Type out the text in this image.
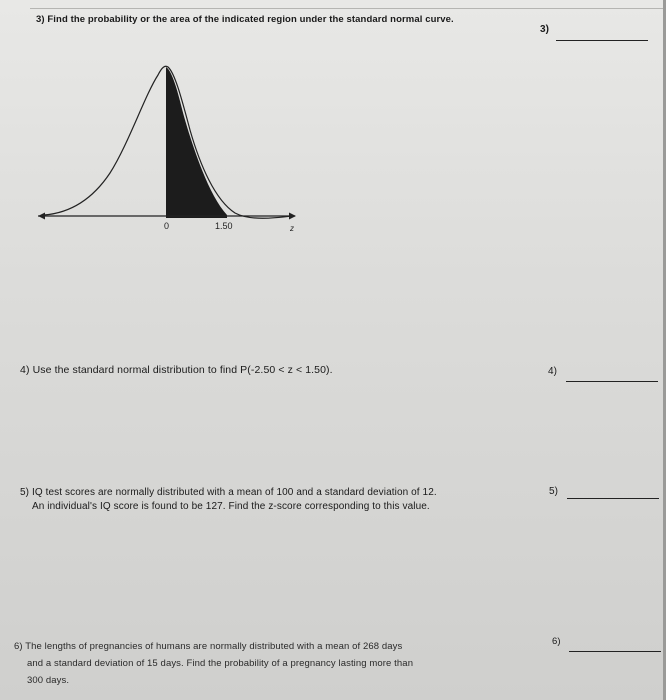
3) Find the probability or the area of the indicated region under the standard normal curve.
3)
0	1.50	z
4) Use the standard normal distribution to find P(-2.50 < z < 1.50).	4)
5) IQ test scores are normally distributed with a mean of 100 and a standard deviation of 12.
An individual's IQ score is found to be 127. Find the z-score corresponding to this value.
5)
6) The lengths of pregnancies of humans are normally distributed with a mean of 268 days
and a standard deviation of 15 days. Find the probability of a pregnancy lasting more than
300 days.
6)
